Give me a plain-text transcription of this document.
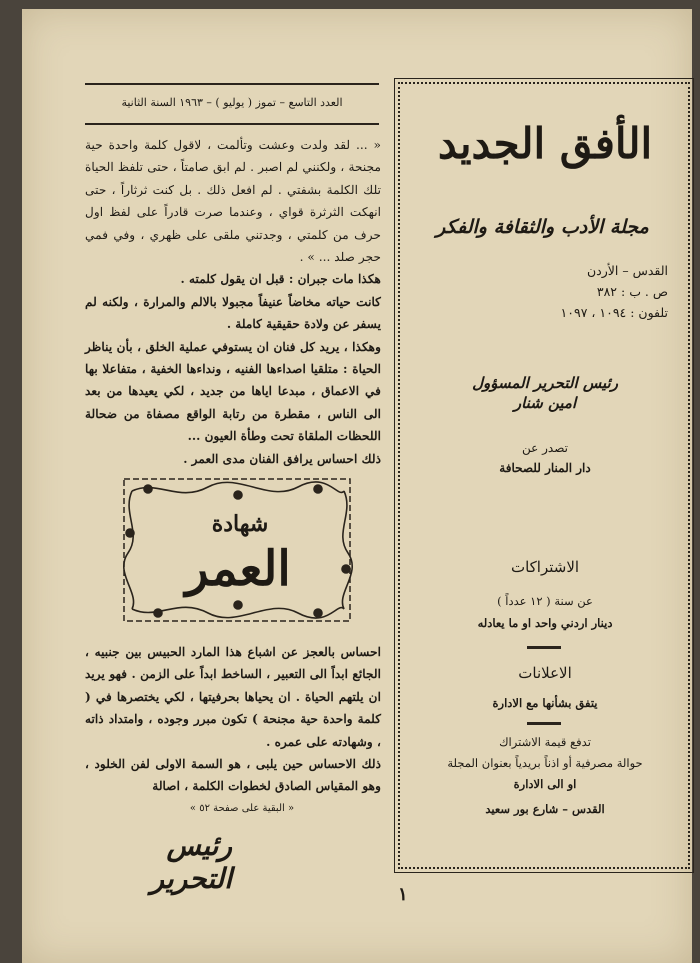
العدد التاسع – تموز ( يوليو ) – ١٩٦٣ السنة الثانية

« ... لقد ولدت وعشت وتألمت ، لاقول كلمة واحدة حية مجنحة ، ولكنني لم اصبر . لم ابق صامتاً ، حتى تلفظ الحياة تلك الكلمة بشفتي . لم افعل ذلك . بل كنت ثرثاراً ، حتى انهكت الثرثرة قواي ، وعندما صرت قادراً على لفظ اول حرف من كلمتي ، وجدتني ملقى على ظهري ، وفي فمي حجر صلد ... » .

هكذا مات جبران : قبل ان يقول كلمته .

كانت حياته مخاضاً عنيفاً مجبولا بالالم والمرارة ، ولكنه لم يسفر عن ولادة حقيقية كاملة .

وهكذا ، يريد كل فنان ان يستوفي عملية الخلق ، بأن يناظر الحياة : متلقيا اصداءها الفنيه ، ونداءها الخفية ، متفاعلا بها في الاعماق ، مبدعا اياها من جديد ، لكي يعيدها من بعد الى الناس ، مقطرة من رتابة الواقع مصفاة من ضحالة اللحظات الملقاة تحت وطأة العيون ...

ذلك احساس يرافق الفنان مدى العمر .

شهادة
العمر

احساس بالعجز عن اشباع هذا المارد الحبيس بين جنبيه ، الجائع ابداً الى التعبير ، الساخط ابداً على الزمن . فهو يريد ان يلتهم الحياة . ان يحياها بحرفيتها ، لكي يختصرها في ( كلمة واحدة حية مجنحة ) تكون مبرر وجوده ، وامتداد ذاته ، وشهادته على عمره .

ذلك الاحساس حين يلبى ، هو السمة الاولى لفن الخلود ، وهو المقياس الصادق لخطوات الكلمة ، اصالة

« البقية على صفحة ٥٢ »
رئيس التحرير	١
الأفق الجديد
مجلة الأدب والثقافة والفكر
القدس – الأردن
ص . ب : ٣٨٢
تلفون : ١٠٩٤ ، ١٠٩٧
رئيس التحرير المسؤول
امين شنار
تصدر عن
دار المنار للصحافة
الاشتراكات
عن سنة ( ١٢ عدداً )
دينار اردني واحد او ما يعادله
الاعلانات
يتفق بشأنها مع الادارة
تدفع قيمة الاشتراك
حوالة مصرفية أو اذناً بريدياً بعنوان المجلة
او الى الادارة
القدس – شارع بور سعيد
